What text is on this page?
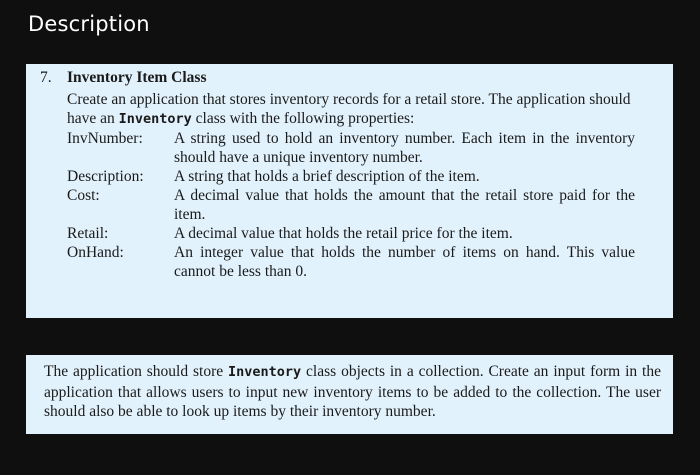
Description
7. Inventory Item Class
Create an application that stores inventory records for a retail store. The application should have an Inventory class with the following properties:
InvNumber:	A string used to hold an inventory number. Each item in the inventory should have a unique inventory number.
Description:	A string that holds a brief description of the item.
Cost:	A decimal value that holds the amount that the retail store paid for the item.
Retail:	A decimal value that holds the retail price for the item.
OnHand:	An integer value that holds the number of items on hand. This value cannot be less than 0.
The application should store Inventory class objects in a collection. Create an input form in the application that allows users to input new inventory items to be added to the collection. The user should also be able to look up items by their inventory number.
